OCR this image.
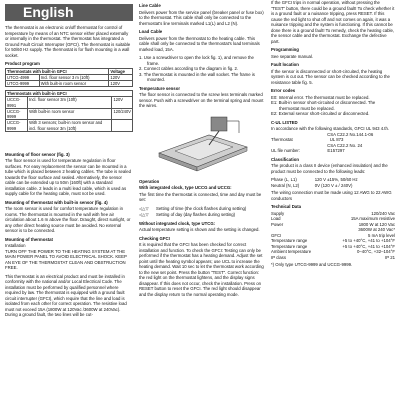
English

The thermostat is an electronic on/off thermostat for control of temperature by means of an NTC sensor either placed externally or internally in the thermostat. The thermostat has integrated a Ground Fault Circuit Interrupter (GFCI). The thermostat is suitable for 50/60 Hz supply. The thermostat is for flush mounting in a wall socket.

Product program
Thermostats with built-in GFCI		Voltage
UTCG-4999	Incl. floor sensor 3 m (10ft)	120V
UTCG-9999	With built-in room sensor	120V
Thermostats with built-in GFCI		
UCCG-9991	Incl. floor sensor 3m (10ft)	120V
UCCG-9999	With built-in room sensor	120/240V
UCCG-9999	With 3 sensors; built-in room sensor and incl. floor sensor 3m (10ft)	
Mounting of floor sensor (fig. 3)

The floor sensor is used for temperature regulation in floor surfaces. For easy replacement the sensor can be mounted in a tube which is placed between 2 heating cables. The tube is sealed towards the floor surface and sealed. Alternatively, the sensor cable can be extended up to 50m (160ft) with a standard installation cable. 2 leads in a multi lead cable, which is used as supply cable for the heating cable, must not be used.

Mounting of thermostat with built-in sensor (fig. 4)

The room sensor is used for comfort temperature regulation in rooms. The thermostat is mounted in the wall with free air circulation about 1.6 m above the floor. Draught, direct sunlight, or any other direct heating source must be avoided. No external sensor is to be connected.

Mounting of thermostat
Installation

TURN OFF THE POWER TO THE HEATING SYSTEM AT THE MAIN POWER PANEL TO AVOID ELECTRICAL SHOCK. KEEP AN EYE OF THE THERMOSTAT CLEAN AND OBSTRUCTION FREE.

This thermostat is an electrical product and must be installed in conformity with the national and/or Local Electrical Code. The installation must be performed by qualified personnel where required by law. The thermostat is equipped with a ground fault circuit interrupter (GFCI), which require that the line and load is isolated from each other for correct operation. The resistive load must not exceed 15A (1800W at 120Vac /3600W at 240Vac). During a ground fault, the two lines will be cut-

Line Cable

Delivers power from the service panel (breaker panel or fuse box) to the thermostat. This cable shall only be connected to the thermostat's line terminals marked L1(L) and L2 (N).

Load Cable

Delivers power from the thermostat to the heating cable. This cable shall only be connected to the thermostat's load terminals marked load, 15A.

1. Use a screwdriver to open the lock fig. 1), and remove the frame.
2. Connect cables according to the diagram in fig. 2.
3. The thermostat is mounted in the wall socket. The frame is mounted.
Temperature sensor

The floor sensor is connected to the screw less terminals marked sensor. Push with a screwdriver on the terminal spring and mount the wires.

Operation
With integrated clock, type UCCG and UCCG:

The first time the thermostat is connected, time and day must be set:

◁△▽	Setting of time (the clock flashes during setting)
◁△▽	Setting of day (day flashes during setting)
Without integrated clock, type UTCG:

Actual temperature setting is shown and the setting is changed.

Checking GFCI

It is required that the GFCI has been checked for correct installation and function. To check the GFCI: Testing can only be performed if the thermostat has a heating demand. Adjust the set point until the heating symbol appears; use UCL to increase the heating demand. Wait 10 sec to let the thermostat work according to the new set point. Press the button "TEST". Correct function: the red light on the thermostat lightens, and the display signs disappear. If this does not occur, check the installation. Press on RESET button to reset the GFCI. The red light should disappear and the display return to the normal operating mode.

If the GFCI trips in normal operation, without pressing the "TEST" button, there could be a ground fault! To check whether it is a ground fault or a nuisance tripping, press RESET. If this cause the red light to shut off and not comes on again, it was a nuisance tripping and the system is functioning. If this cannot be done there is a ground fault! To remedy, check the heating cable, the sensor cable and the thermostat. Exchange the defective part.

Programming

See separate manual.

Fault location

If the sensor is disconnected or short-circuited, the heating system is cut out. The sensor can be checked according to the resistance table fig. 5.

Error codes
E0: Internal error. The thermostat must be replaced.
E1: Built-in sensor short-circuited or disconnected. The thermostat must be replaced.
E2: External sensor short-circuited or disconnected.
C-UL LISTED
In accordance with the following standards, GFCI UL 943 4.th.
CSA C22.2 No.144.1-06
Thermostat                               UL 873
CSA C22.2 No. 24
UL file number:                       E157297
Classification

The product is a class II device (enhanced insulation) and the product must be connected to the following leads:

Phase (L, L1)               120 V ±15%, 50/60 Hz
Neutral (N, L2)             0V (120 V ± / 240V)

The wiring connection must be made using 12 AWG to 22 AWG conductors

Technical Data
Supply	120/240 Vac
Load	15A maximum resistive
Power	1800 W at 120 Vac
3600W at 240 Vac*
GFCI	5 mA trip level
Temperature range	+5 to +40°C, +41 to +104°F
Temperature range	+5 to +40°C, +41 to +104°F
Ambient temperature	0–40°C, +32–104°F
IP class	IP 21

*) Only type UTCG-9999 and UCCG-9999.
